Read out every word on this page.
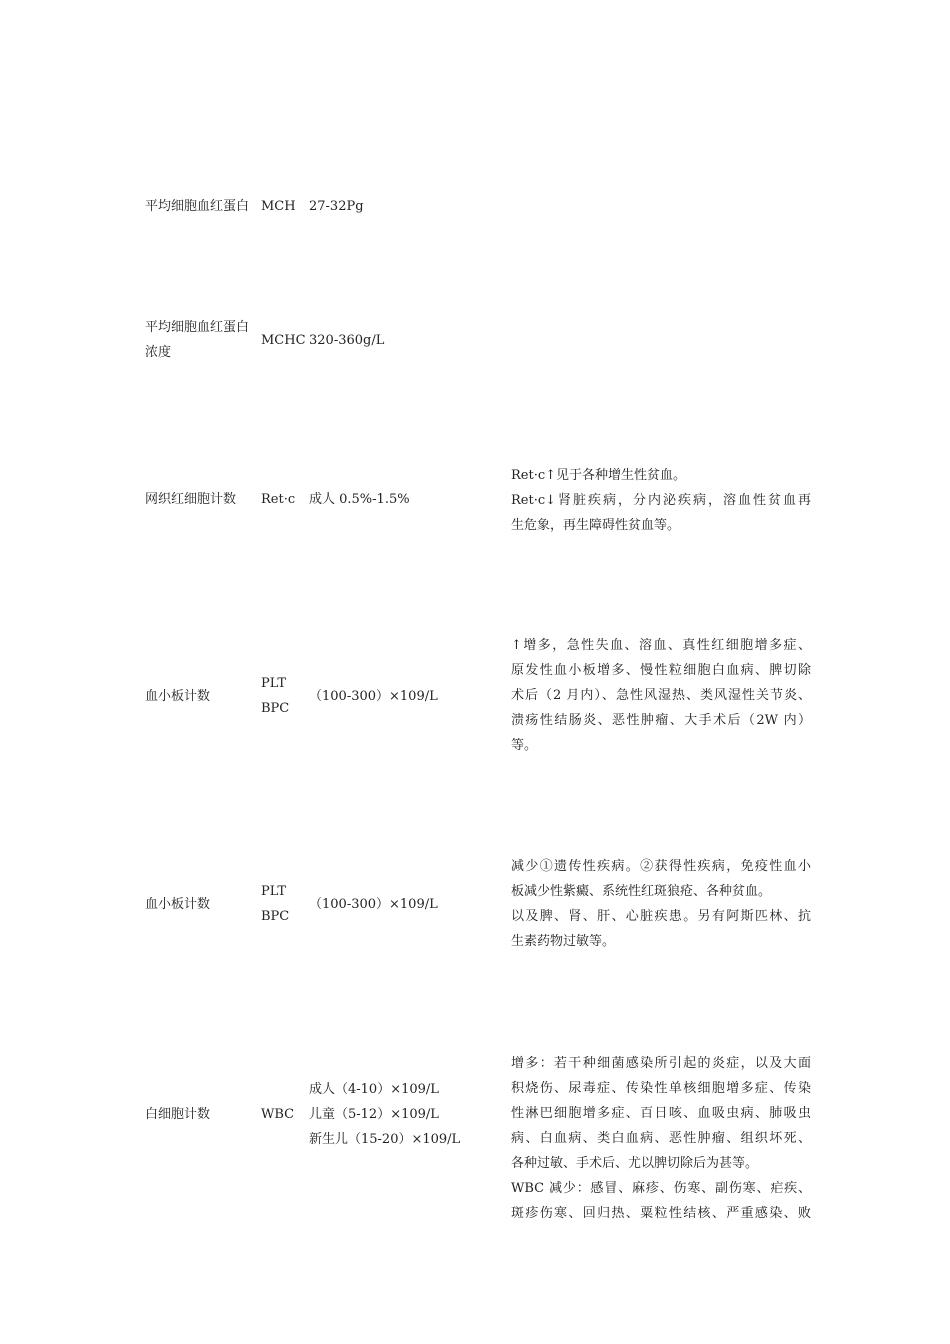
平均细胞血红蛋白 MCH 27-32Pg
平均细胞血红蛋白
浓度
MCHC 320-360g/L
网织红细胞计数 Ret·c 成人 0.5%-1.5%
Ret·c↑见于各种增生性贫血。
Ret·c↓肾脏疾病，分内泌疾病，溶血性贫血再
生危象，再生障碍性贫血等。
血小板计数
PLT
BPC
（100-300）×109/L
↑增多，急性失血、溶血、真性红细胞增多症、
原发性血小板增多、慢性粒细胞白血病、脾切除
术后（2 月内）、急性风湿热、类风湿性关节炎、
溃疡性结肠炎、恶性肿瘤、大手术后（2W 内）
等。
血小板计数
PLT
BPC
（100-300）×109/L
减少①遗传性疾病。②获得性疾病，免疫性血小
板减少性紫癜、系统性红斑狼疮、各种贫血。
以及脾、肾、肝、心脏疾患。另有阿斯匹林、抗
生素药物过敏等。
白细胞计数	WBC
成人（4-10）×109/L
儿童（5-12）×109/L
新生儿（15-20）×109/L
增多：若干种细菌感染所引起的炎症，以及大面
积烧伤、尿毒症、传染性单核细胞增多症、传染
性淋巴细胞增多症、百日咳、血吸虫病、肺吸虫
病、白血病、类白血病、恶性肿瘤、组织坏死、
各种过敏、手术后、尤以脾切除后为甚等。
WBC 减少：感冒、麻疹、伤寒、副伤寒、疟疾、
斑疹伤寒、回归热、粟粒性结核、严重感染、败
